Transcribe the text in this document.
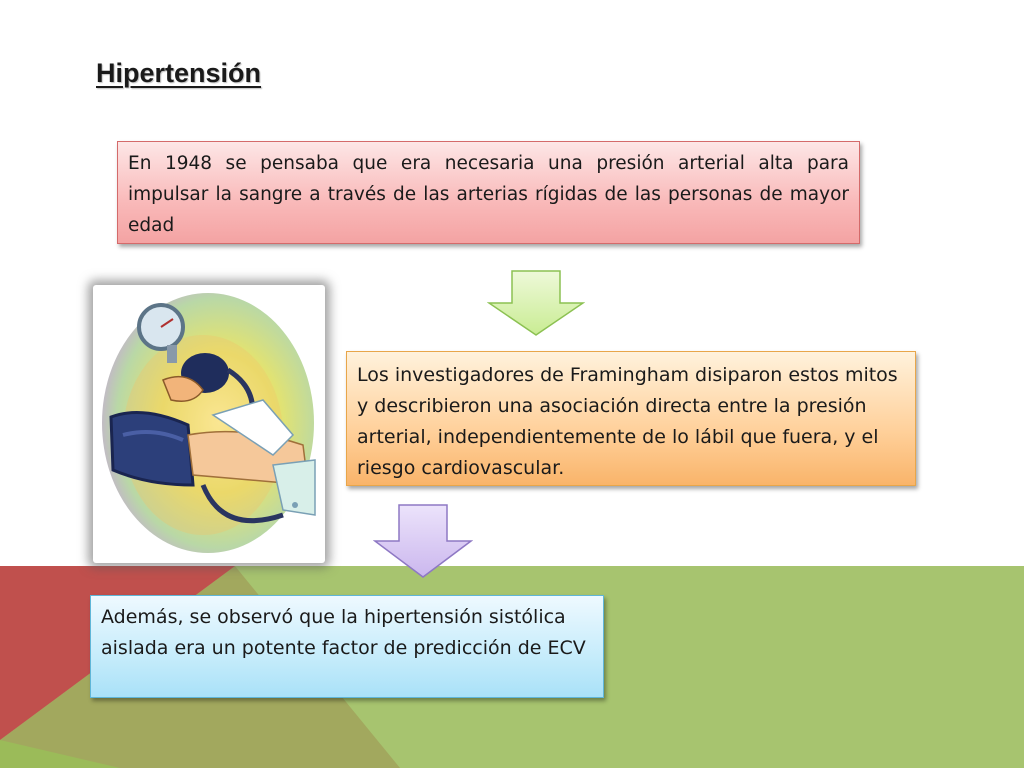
Hipertensión
En 1948 se pensaba que era necesaria una presión arterial alta para impulsar la sangre a través de las arterias rígidas de las personas de mayor edad
Los investigadores de Framingham disiparon estos mitos y describieron una asociación directa entre la presión arterial, independientemente de lo lábil que fuera, y el riesgo cardiovascular.
Además, se observó que la hipertensión sistólica aislada era un potente factor de predicción de ECV
